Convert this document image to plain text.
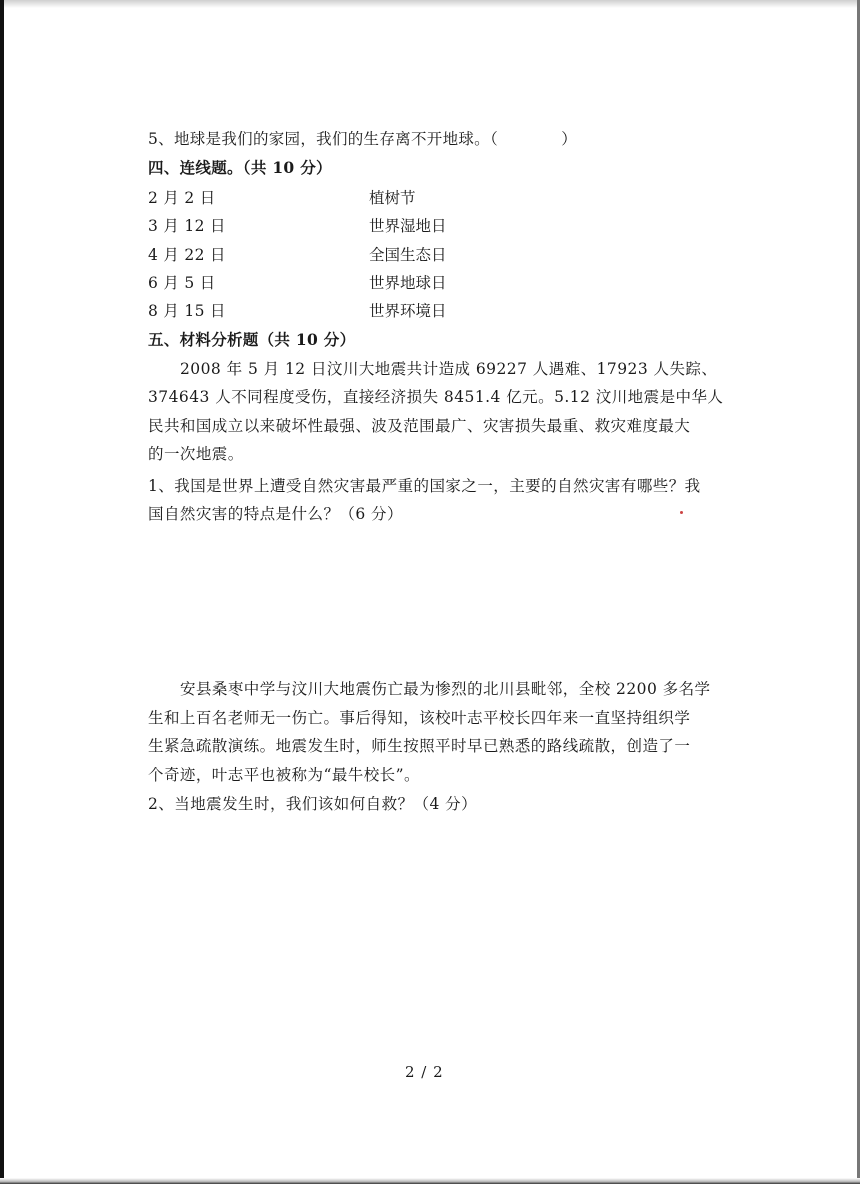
5、地球是我们的家园，我们的生存离不开地球。（　　　　）
四、连线题。（共 10 分）
2 月 2 日	植树节
3 月 12 日	世界湿地日
4 月 22 日	全国生态日
6 月 5 日	世界地球日
8 月 15 日	世界环境日
五、材料分析题（共 10 分）
2008 年 5 月 12 日汶川大地震共计造成 69227 人遇难、17923 人失踪、
374643 人不同程度受伤，直接经济损失 8451.4 亿元。5.12 汶川地震是中华人
民共和国成立以来破坏性最强、波及范围最广、灾害损失最重、救灾难度最大
的一次地震。
1、我国是世界上遭受自然灾害最严重的国家之一，主要的自然灾害有哪些？我
国自然灾害的特点是什么？（6 分）
安县桑枣中学与汶川大地震伤亡最为惨烈的北川县毗邻，全校 2200 多名学
生和上百名老师无一伤亡。事后得知，该校叶志平校长四年来一直坚持组织学
生紧急疏散演练。地震发生时，师生按照平时早已熟悉的路线疏散，创造了一
个奇迹，叶志平也被称为“最牛校长”。
2、当地震发生时，我们该如何自救？（4 分）
2 / 2
